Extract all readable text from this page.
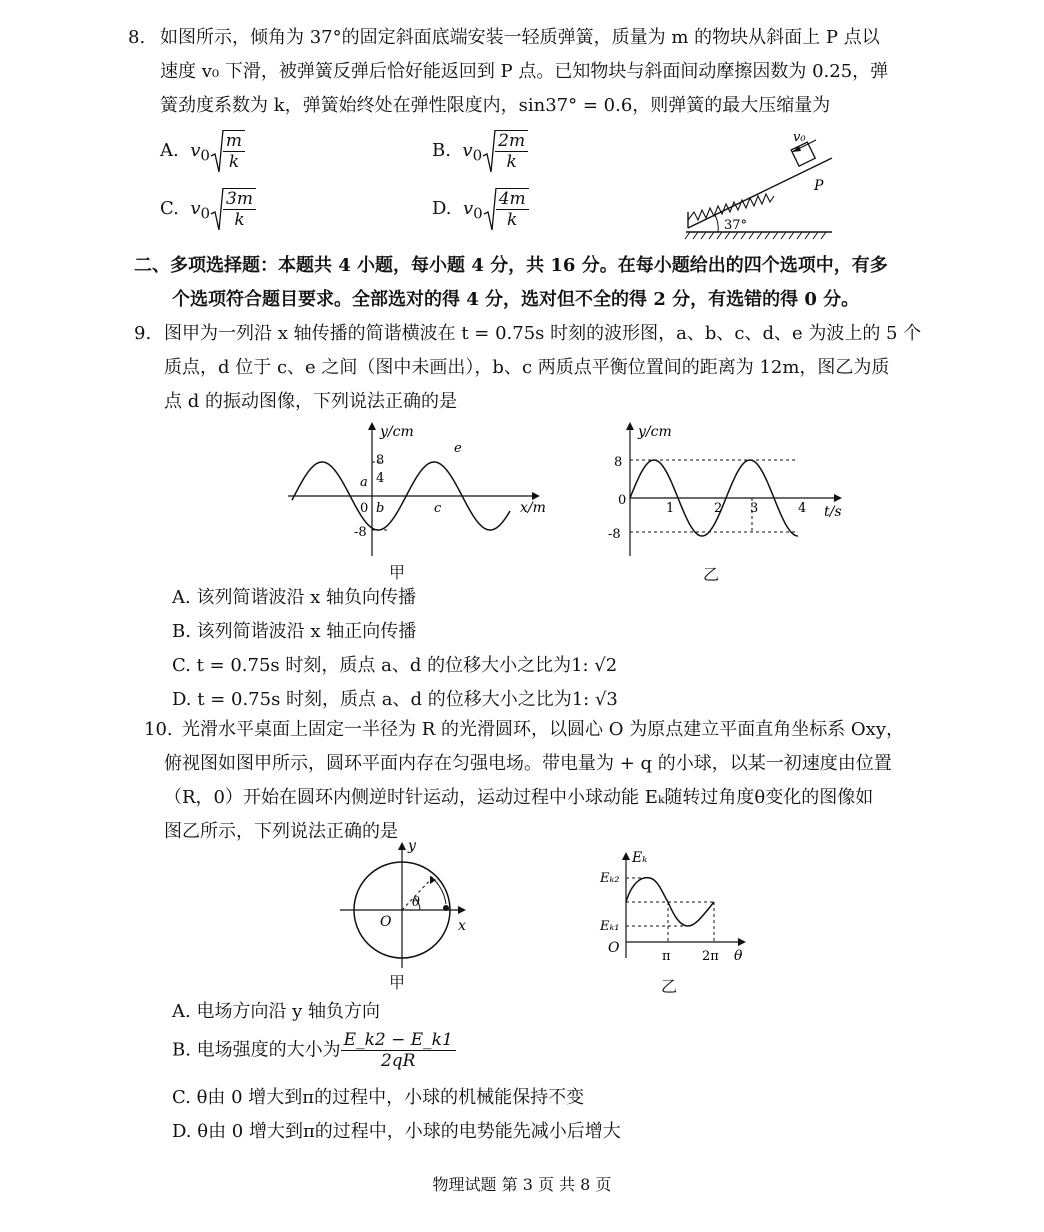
8. 如图所示，倾角为 37°的固定斜面底端安装一轻质弹簧，质量为 m 的物块从斜面上 P 点以
速度 v₀ 下滑，被弹簧反弹后恰好能返回到 P 点。已知物块与斜面间动摩擦因数为 0.25，弹
簧劲度系数为 k，弹簧始终处在弹性限度内，sin37° = 0.6，则弹簧的最大压缩量为
A. $v_0 \frac{m}{k}$	B. $v_0 \frac{2m}{k}$
C. $v_0 \frac{3m}{k}$	D. $v_0 \frac{4m}{k}$
v₀
P
37°
二、多项选择题：本题共 4 小题，每小题 4 分，共 16 分。在每小题给出的四个选项中，有多
个选项符合题目要求。全部选对的得 4 分，选对但不全的得 2 分，有选错的得 0 分。
9. 图甲为一列沿 x 轴传播的简谐横波在 t = 0.75s 时刻的波形图，a、b、c、d、e 为波上的 5 个
质点，d 位于 c、e 之间（图中未画出），b、c 两质点平衡位置间的距离为 12m，图乙为质
点 d 的振动图像，下列说法正确的是
y/cm
x/m
0
8
4
-8
a
b	c
e
甲
y/cm
t/s
0
8
-8
1	2 3	4
乙
A. 该列简谐波沿 x 轴负向传播
B. 该列简谐波沿 x 轴正向传播
C. t = 0.75s 时刻，质点 a、d 的位移大小之比为1: √2
D. t = 0.75s 时刻，质点 a、d 的位移大小之比为1: √3
10. 光滑水平桌面上固定一半径为 R 的光滑圆环，以圆心 O 为原点建立平面直角坐标系 Oxy，
俯视图如图甲所示，圆环平面内存在匀强电场。带电量为 + q 的小球，以某一初速度由位置
（R，0）开始在圆环内侧逆时针运动，运动过程中小球动能 Eₖ随转过角度θ变化的图像如
图乙所示，下列说法正确的是
y
x
O
θ
甲
Eₖ
Eₖ₂
Eₖ₁
O
π 2π θ
乙
A. 电场方向沿 y 轴负方向
B. 电场强度的大小为 $\frac{E\_k2 - E\_k1}{2qR}$
C. θ由 0 增大到π的过程中，小球的机械能保持不变
D. θ由 0 增大到π的过程中，小球的电势能先减小后增大
物理试题 第 3 页 共 8 页
